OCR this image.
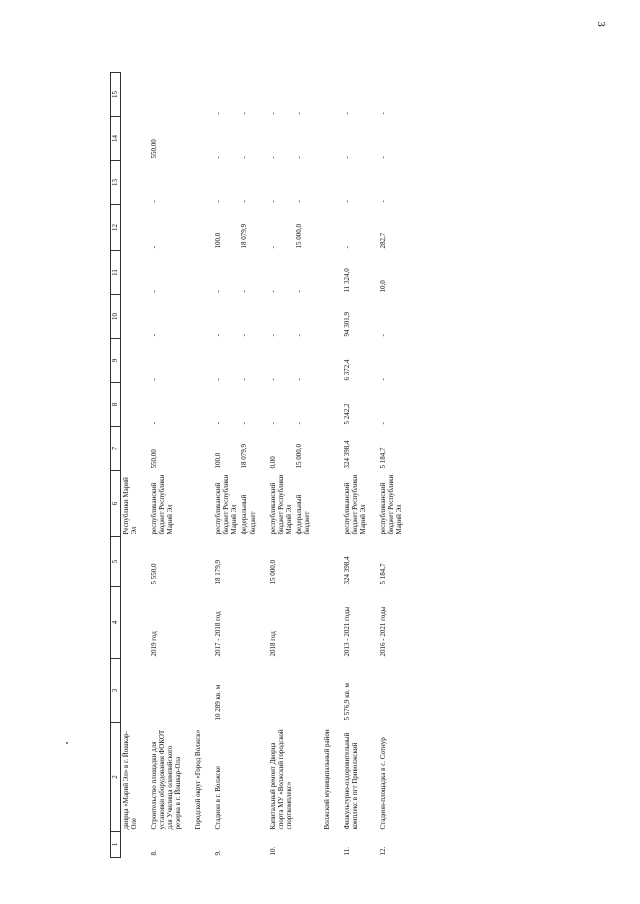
3
1	2	3	4	5	6	7	8	9	10	11	12	13	14	15
	двирца «Марий Эл» в г. Йошкар-Оле				Республики Марий Эл									

8.	Строительство площадки для установки оборудования ФОКОТ для Училища олимпийского резерва в г. Йошкар-Ола		2019 год	5 550,0	республиканский бюджет Республики Марий Эл	550,00	-	-	-	-	-	-	550,00	

	Городской округ «Город Волжск»													

9.	Стадион в г. Волжске	10 289 кв. м	2017 - 2018 год	18 179,9	республиканский бюджет Республики Марий Эл	100,0	-	-	-	-	100,0	-	-	-
					федеральный бюджет	18 079,9	-	-	-	-	18 079,9	-	-	-

10.	Капитальный ремонт Дворца спорта МУ «Волжский городской спорткомплекс»		2018 год	15 000,0	республиканский бюджет Республики Марий Эл	0,00	-	-	-	-	-	-	-	-
					федеральный бюджет	15 000,0	-	-	-	-	15 000,0	-	-	-

	Волжский муниципальный район													

11.	Физкультурно-оздоровительный комплекс в пгт Приволжский	5 576,9 кв. м	2013 - 2021 годы	324 398,4	республиканский бюджет Республики Марий Эл	324 398,4	5 242,2	6 372,4	94 301,9	11 324,0	-	-	-	-

12.	Стадион-площадка в с. Сотнур		2016 - 2021 годы	5 184,7	республиканский бюджет Республики Марий Эл	5 184,7	-	-	-	10,0	282,7	-	-	-
